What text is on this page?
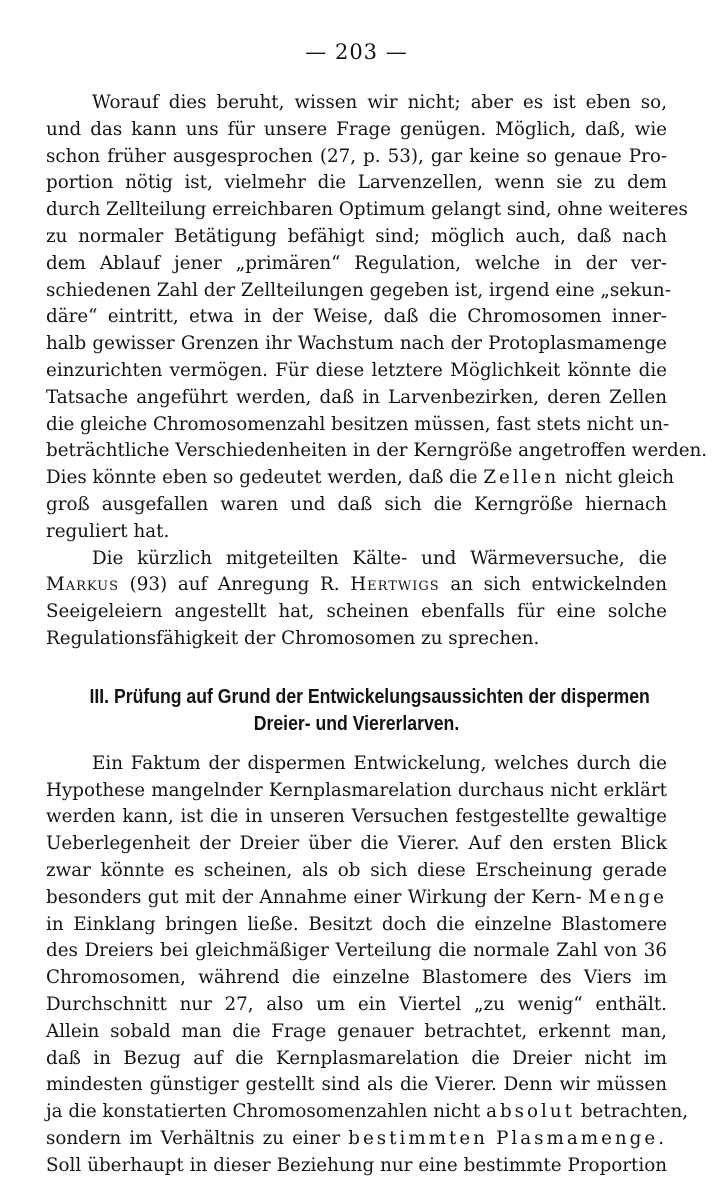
— 203 —

Worauf dies beruht, wissen wir nicht; aber es ist eben so,

und das kann uns für unsere Frage genügen. Möglich, daß, wie

schon früher ausgesprochen (27, p. 53), gar keine so genaue Pro-

portion nötig ist, vielmehr die Larvenzellen, wenn sie zu dem

durch Zellteilung erreichbaren Optimum gelangt sind, ohne weiteres

zu normaler Betätigung befähigt sind; möglich auch, daß nach

dem Ablauf jener „primären“ Regulation, welche in der ver-

schiedenen Zahl der Zellteilungen gegeben ist, irgend eine „sekun-

däre“ eintritt, etwa in der Weise, daß die Chromosomen inner-

halb gewisser Grenzen ihr Wachstum nach der Protoplasmamenge

einzurichten vermögen. Für diese letztere Möglichkeit könnte die

Tatsache angeführt werden, daß in Larvenbezirken, deren Zellen

die gleiche Chromosomenzahl besitzen müssen, fast stets nicht un-

beträchtliche Verschiedenheiten in der Kerngröße angetroffen werden.

Dies könnte eben so gedeutet werden, daß die Zellen nicht gleich

groß ausgefallen waren und daß sich die Kerngröße hiernach

reguliert hat.

Die kürzlich mitgeteilten Kälte- und Wärmeversuche, die

Markus (93) auf Anregung R. Hertwigs an sich entwickelnden

Seeigeleiern angestellt hat, scheinen ebenfalls für eine solche

Regulationsfähigkeit der Chromosomen zu sprechen.

III. Prüfung auf Grund der Entwickelungsaussichten der dispermen
Dreier- und Viererlarven.

Ein Faktum der dispermen Entwickelung, welches durch die

Hypothese mangelnder Kernplasmarelation durchaus nicht erklärt

werden kann, ist die in unseren Versuchen festgestellte gewaltige

Ueberlegenheit der Dreier über die Vierer. Auf den ersten Blick

zwar könnte es scheinen, als ob sich diese Erscheinung gerade

besonders gut mit der Annahme einer Wirkung der Kern- Menge

in Einklang bringen ließe. Besitzt doch die einzelne Blastomere

des Dreiers bei gleichmäßiger Verteilung die normale Zahl von 36

Chromosomen, während die einzelne Blastomere des Viers im

Durchschnitt nur 27, also um ein Viertel „zu wenig“ enthält.

Allein sobald man die Frage genauer betrachtet, erkennt man,

daß in Bezug auf die Kernplasmarelation die Dreier nicht im

mindesten günstiger gestellt sind als die Vierer. Denn wir müssen

ja die konstatierten Chromosomenzahlen nicht absolut betrachten,

sondern im Verhältnis zu einer bestimmten Plasmamenge.

Soll überhaupt in dieser Beziehung nur eine bestimmte Proportion
